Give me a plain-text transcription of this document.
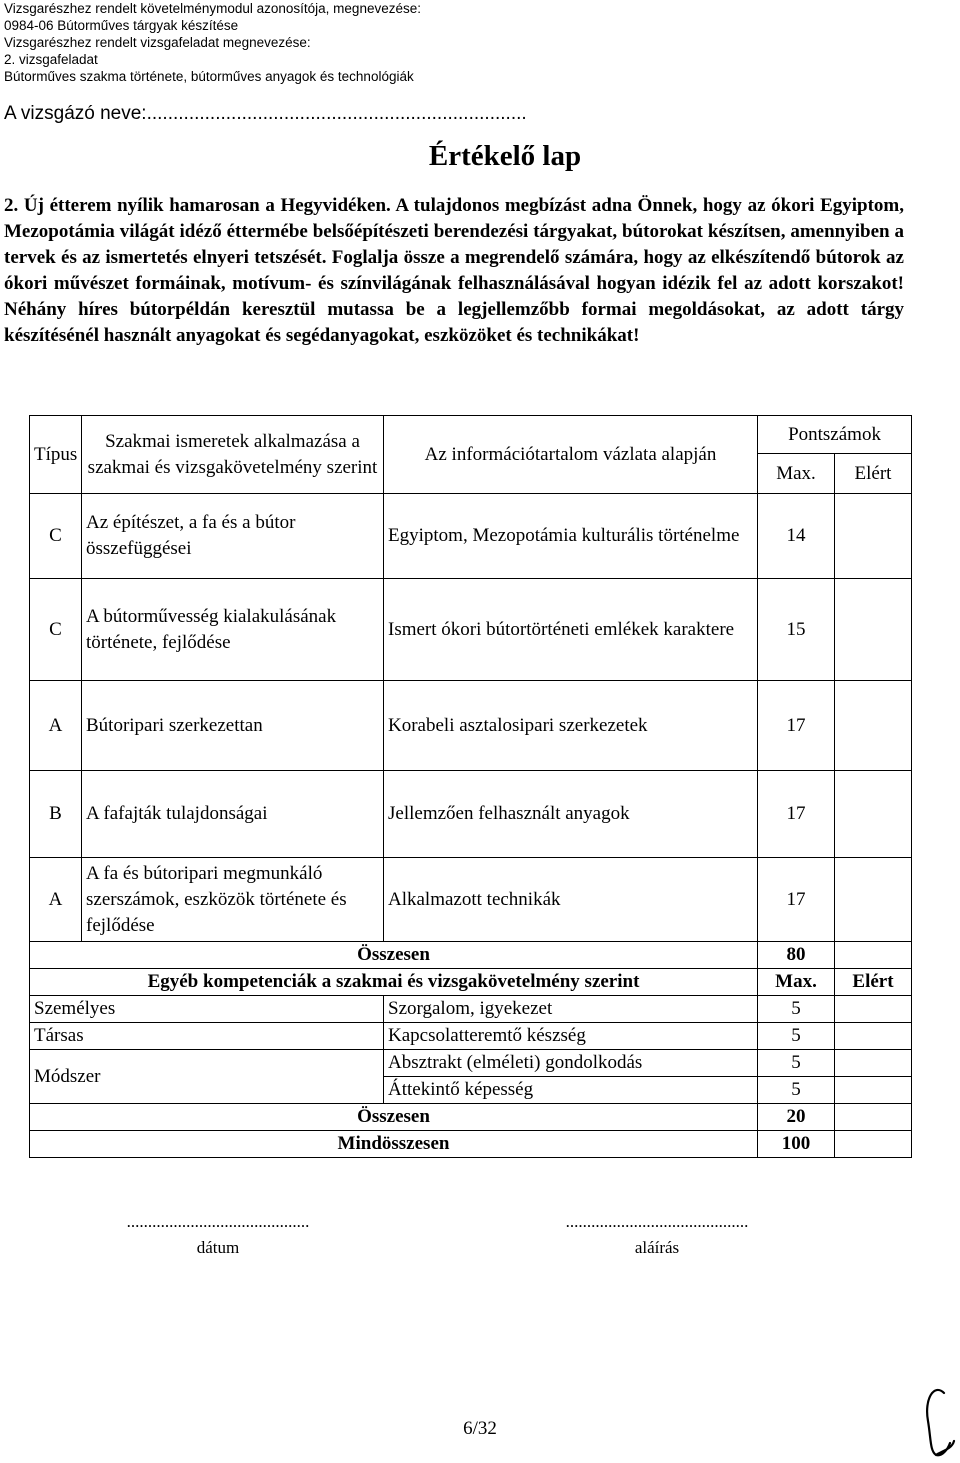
Vizsgarészhez rendelt követelménymodul azonosítója, megnevezése:
0984-06 Bútorműves tárgyak készítése
Vizsgarészhez rendelt vizsgafeladat megnevezése:
2. vizsgafeladat
Bútorműves szakma története, bútorműves anyagok és technológiák
A vizsgázó neve:........................................................................
Értékelő lap
2. Új étterem nyílik hamarosan a Hegyvidéken. A tulajdonos megbízást adna Önnek, hogy az ókori Egyiptom, Mezopotámia világát idéző éttermébe belsőépítészeti berendezési tárgyakat, bútorokat készítsen, amennyiben a tervek és az ismertetés elnyeri tetszését. Foglalja össze a megrendelő számára, hogy az elkészítendő bútorok az ókori művészet formáinak, motívum- és színvilágának felhasználásával hogyan idézik fel az adott korszakot! Néhány híres bútorpéldán keresztül mutassa be a legjellemzőbb formai megoldásokat, az adott tárgy készítésénél használt anyagokat és segédanyagokat, eszközöket és technikákat!
Típus	Szakmai ismeretek alkalmazása a szakmai és vizsgakövetelmény szerint	Az információtartalom vázlata alapján	Pontszámok	
			Max.	Elért
C	Az építészet, a fa és a bútor összefüggései	Egyiptom, Mezopotámia kulturális történelme	14	
C	A bútorművesség kialakulásának története, fejlődése	Ismert ókori bútortörténeti emlékek karaktere	15	
A	Bútoripari szerkezettan	Korabeli asztalosipari szerkezetek	17	
B	A fafajták tulajdonságai	Jellemzően felhasznált anyagok	17	
A	A fa és bútoripari megmunkáló szerszámok, eszközök története és fejlődése	Alkalmazott technikák	17	
Összesen			80	
Egyéb kompetenciák a szakmai és vizsgakövetelmény szerint			Max.	Elért
Személyes		Szorgalom, igyekezet	5	
Társas		Kapcsolatteremtő készség	5	
Módszer		Absztrakt (elméleti) gondolkodás	5	
		Áttekintő képesség	5	
Összesen			20	
Mindösszesen			100	
...........................................
dátum
...........................................
aláírás
6/32
